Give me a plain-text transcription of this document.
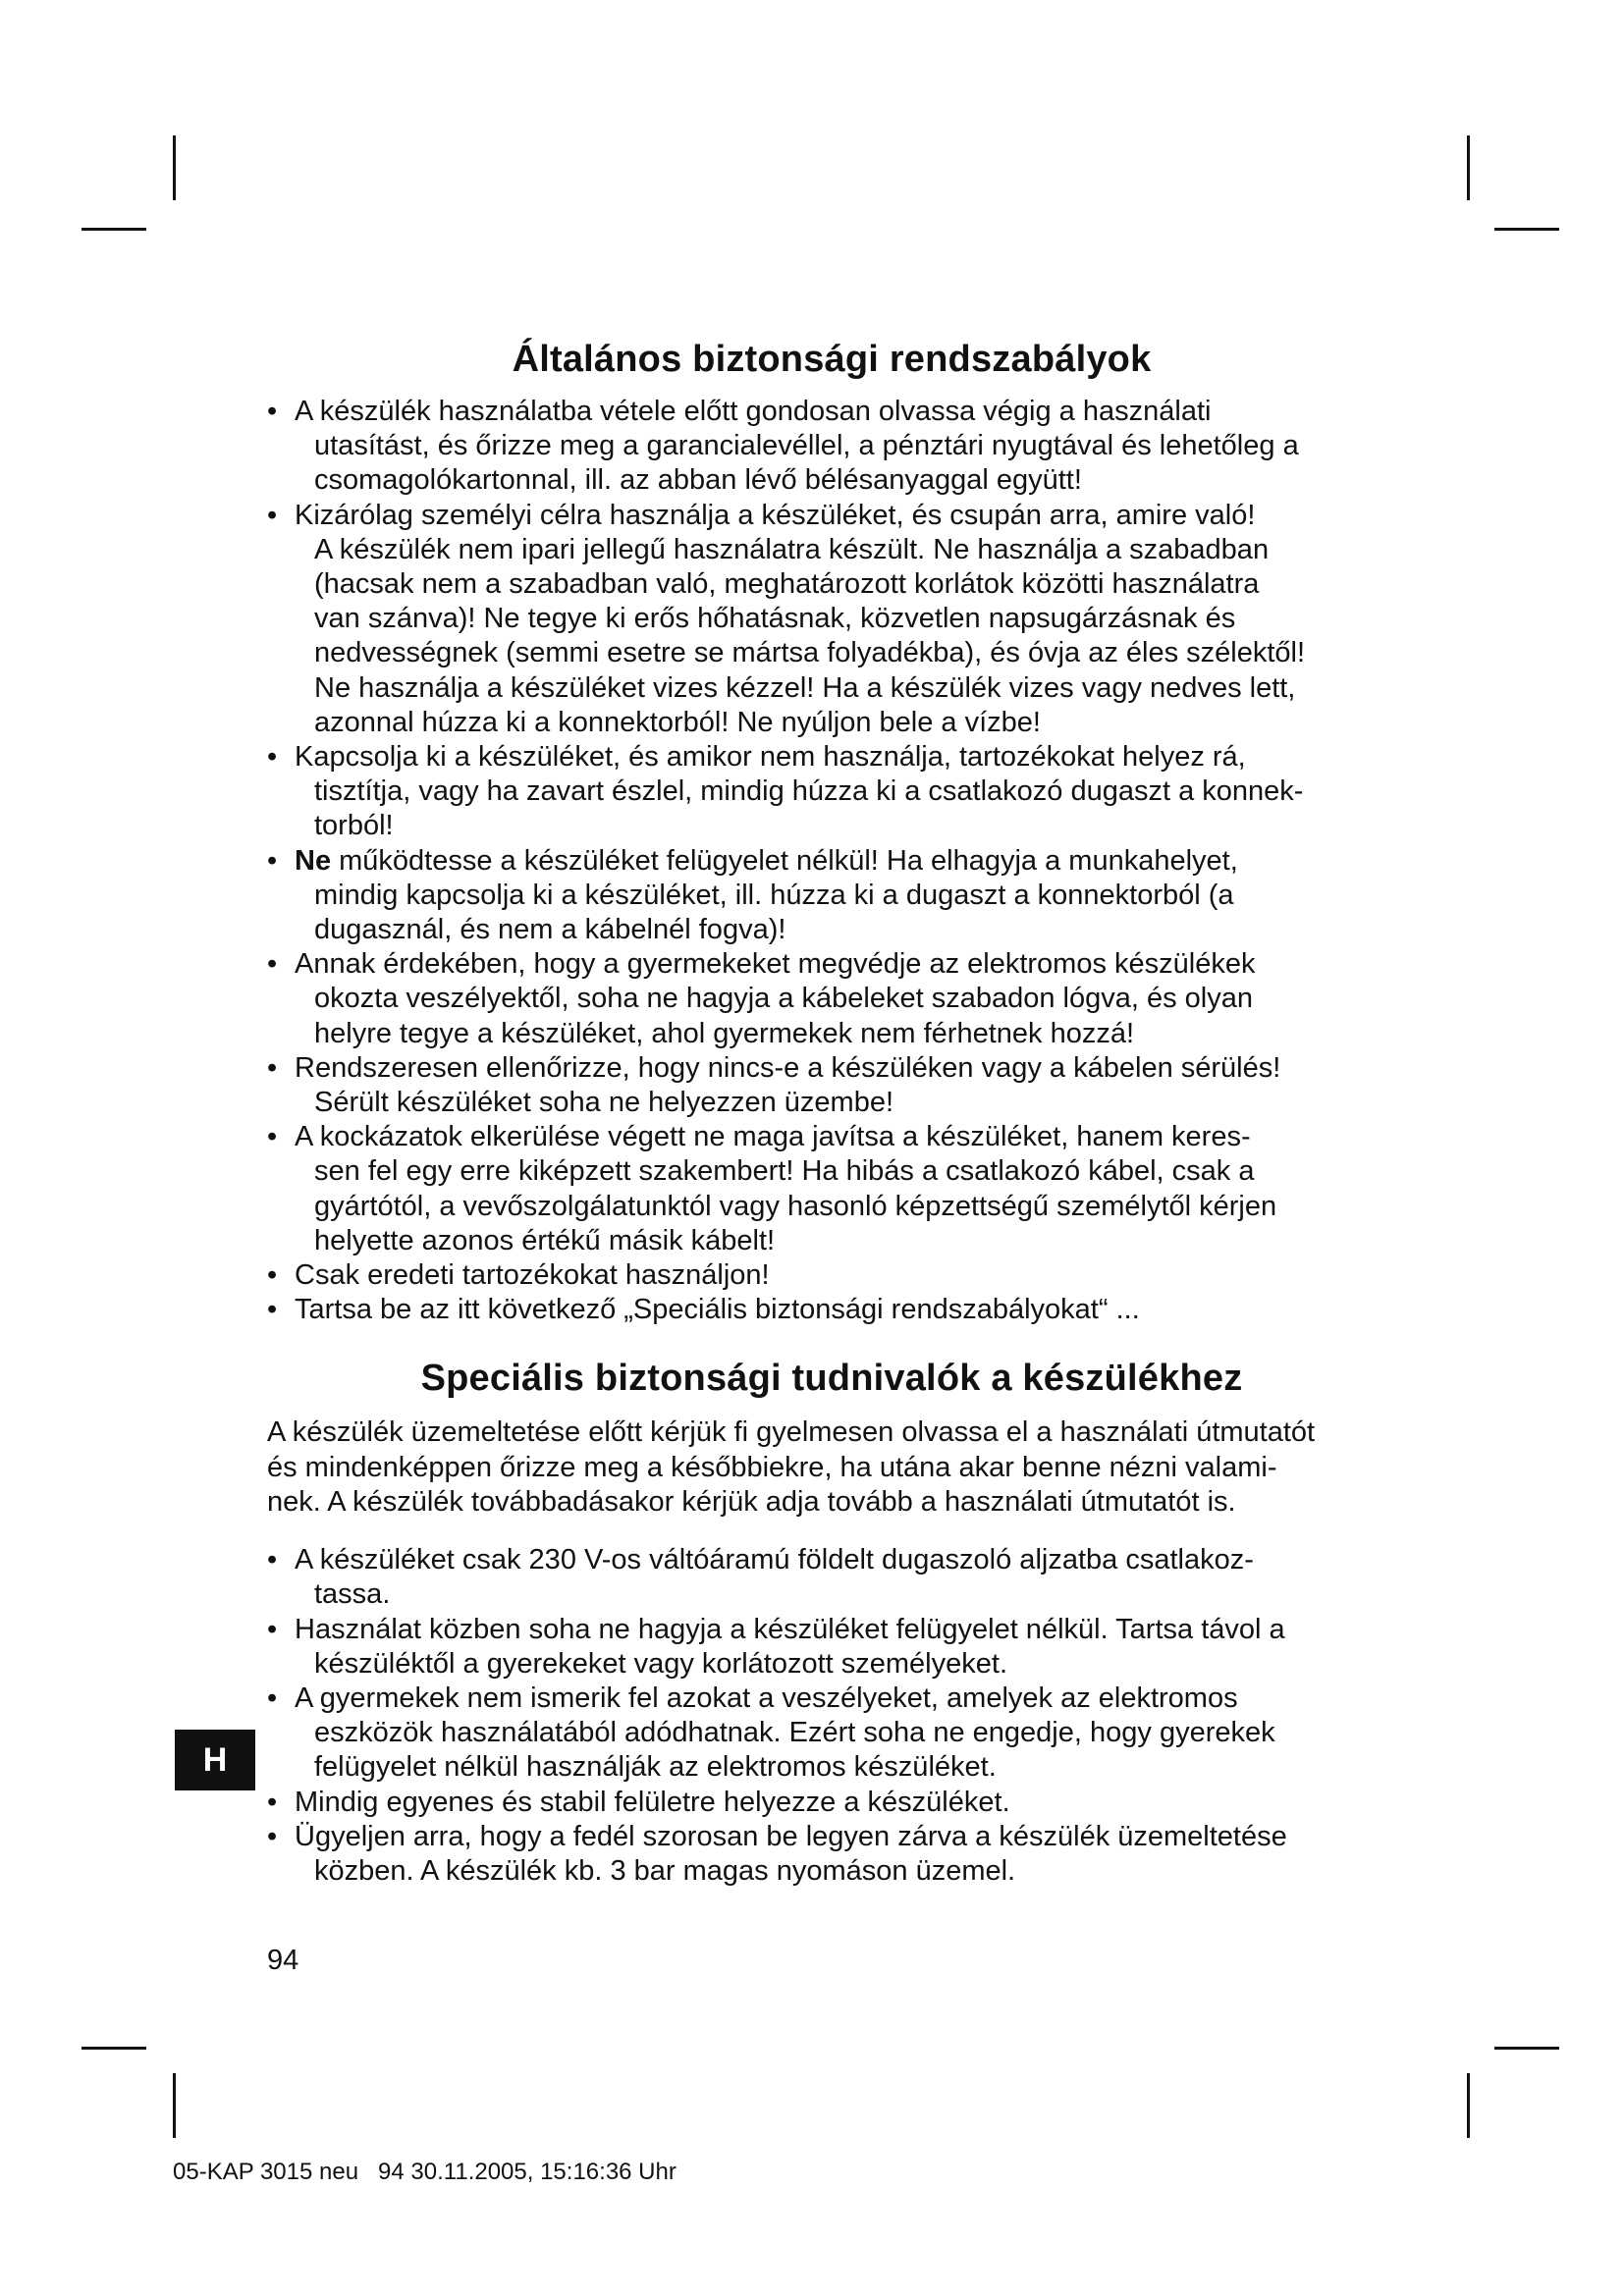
Általános biztonsági rendszabályok
• A készülék használatba vétele előtt gondosan olvassa végig a használati
utasítást, és őrizze meg a garancialevéllel, a pénztári nyugtával és lehetőleg a
csomagolókartonnal, ill. az abban lévő bélésanyaggal együtt!
• Kizárólag személyi célra használja a készüléket, és csupán arra, amire való!
A készülék nem ipari jellegű használatra készült. Ne használja a szabadban
(hacsak nem a szabadban való, meghatározott korlátok közötti használatra
van szánva)! Ne tegye ki erős hőhatásnak, közvetlen napsugárzásnak és
nedvességnek (semmi esetre se mártsa folyadékba), és óvja az éles szélektől!
Ne használja a készüléket vizes kézzel! Ha a készülék vizes vagy nedves lett,
azonnal húzza ki a konnektorból! Ne nyúljon bele a vízbe!
• Kapcsolja ki a készüléket, és amikor nem használja, tartozékokat helyez rá,
tisztítja, vagy ha zavart észlel, mindig húzza ki a csatlakozó dugaszt a konnek-
torból!
• Ne működtesse a készüléket felügyelet nélkül! Ha elhagyja a munkahelyet,
mindig kapcsolja ki a készüléket, ill. húzza ki a dugaszt a konnektorból (a
dugasznál, és nem a kábelnél fogva)!
• Annak érdekében, hogy a gyermekeket megvédje az elektromos készülékek
okozta veszélyektől, soha ne hagyja a kábeleket szabadon lógva, és olyan
helyre tegye a készüléket, ahol gyermekek nem férhetnek hozzá!
• Rendszeresen ellenőrizze, hogy nincs-e a készüléken vagy a kábelen sérülés!
Sérült készüléket soha ne helyezzen üzembe!
• A kockázatok elkerülése végett ne maga javítsa a készüléket, hanem keres-
sen fel egy erre kiképzett szakembert! Ha hibás a csatlakozó kábel, csak a
gyártótól, a vevőszolgálatunktól vagy hasonló képzettségű személytől kérjen
helyette azonos értékű másik kábelt!
• Csak eredeti tartozékokat használjon!
• Tartsa be az itt következő „Speciális biztonsági rendszabályokat“ ...
Speciális biztonsági tudnivalók a készülékhez
A készülék üzemeltetése előtt kérjük fi gyelmesen olvassa el a használati útmutatót
és mindenképpen őrizze meg a későbbiekre, ha utána akar benne nézni valami-
nek. A készülék továbbadásakor kérjük adja tovább a használati útmutatót is.
• A készüléket csak 230 V-os váltóáramú földelt dugaszoló aljzatba csatlakoz-
tassa.
• Használat közben soha ne hagyja a készüléket felügyelet nélkül. Tartsa távol a
készüléktől a gyerekeket vagy korlátozott személyeket.
• A gyermekek nem ismerik fel azokat a veszélyeket, amelyek az elektromos
eszközök használatából adódhatnak. Ezért soha ne engedje, hogy gyerekek
felügyelet nélkül használják az elektromos készüléket.
• Mindig egyenes és stabil felületre helyezze a készüléket.
• Ügyeljen arra, hogy a fedél szorosan be legyen zárva a készülék üzemeltetése
közben. A készülék kb. 3 bar magas nyomáson üzemel.
H
94
05-KAP 3015 neu   94 30.11.2005, 15:16:36 Uhr
